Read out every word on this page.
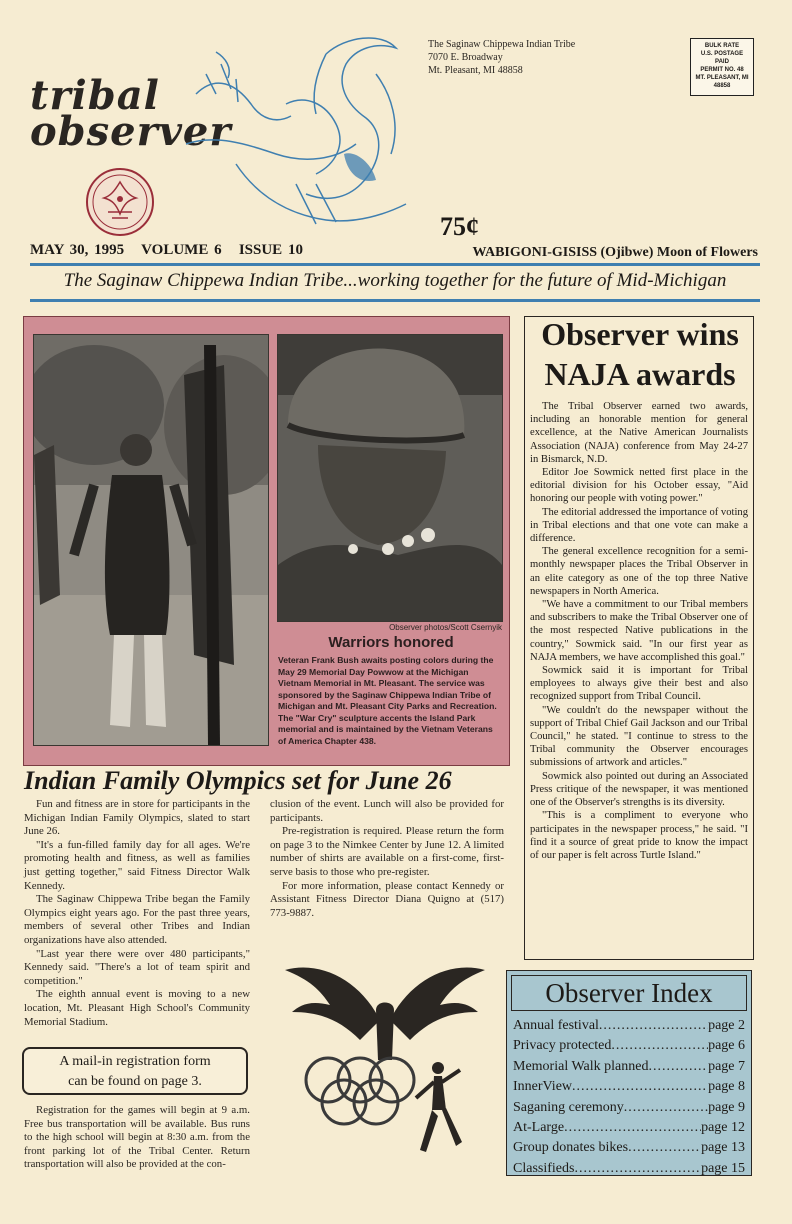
tribal
observer
The Saginaw Chippewa Indian Tribe
7070 E. Broadway
Mt. Pleasant, MI 48858
BULK RATE
U.S. POSTAGE
PAID
PERMIT NO. 48
MT. PLEASANT, MI
48858
75¢
MAY 30, 1995 VOLUME 6 ISSUE 10	WABIGONI-GISISS (Ojibwe) Moon of Flowers
The Saginaw Chippewa Indian Tribe...working together for the future of Mid-Michigan
Observer photos/Scott Csernyik
Warriors honored
Veteran Frank Bush awaits posting colors during the May 29 Memorial Day Powwow at the Michigan Vietnam Memorial in Mt. Pleasant. The service was sponsored by the Saginaw Chippewa Indian Tribe of Michigan and Mt. Pleasant City Parks and Recreation. The "War Cry" sculpture accents the Island Park memorial and is maintained by the Vietnam Veterans of America Chapter 438.
Indian Family Olympics set for June 26

Fun and fitness are in store for participants in the Michigan Indian Family Olympics, slated to start June 26.

"It's a fun-filled family day for all ages. We're promoting health and fitness, as well as families just getting together," said Fitness Director Walk Kennedy.

The Saginaw Chippewa Tribe began the Family Olympics eight years ago. For the past three years, members of several other Tribes and Indian organizations have also attended.

"Last year there were over 480 participants," Kennedy said. "There's a lot of team spirit and competition."

The eighth annual event is moving to a new location, Mt. Pleasant High School's Community Memorial Stadium.

A mail-in registration form
can be found on page 3.

Registration for the games will begin at 9 a.m. Free bus transportation will be available. Bus runs to the high school will begin at 8:30 a.m. from the front parking lot of the Tribal Center. Return transportation will also be provided at the con-

clusion of the event. Lunch will also be provided for participants.

Pre-registration is required. Please return the form on page 3 to the Nimkee Center by June 12. A limited number of shirts are available on a first-come, first-serve basis to those who pre-register.

For more information, please contact Kennedy or Assistant Fitness Director Diana Quigno at (517) 773-9887.

Observer wins
NAJA awards

The Tribal Observer earned two awards, including an honorable mention for general excellence, at the Native American Journalists Association (NAJA) conference from May 24-27 in Bismarck, N.D.

Editor Joe Sowmick netted first place in the editorial division for his October essay, "Aid honoring our people with voting power."

The editorial addressed the importance of voting in Tribal elections and that one vote can make a difference.

The general excellence recognition for a semi-monthly newspaper places the Tribal Observer in an elite category as one of the top three Native newspapers in North America.

"We have a commitment to our Tribal members and subscribers to make the Tribal Observer one of the most respected Native publications in the country," Sowmick said. "In our first year as NAJA members, we have accomplished this goal."

Sowmick said it is important for Tribal employees to always give their best and also recognized support from Tribal Council.

"We couldn't do the newspaper without the support of Tribal Chief Gail Jackson and our Tribal Council," he stated. "I continue to stress to the Tribal community the Observer encourages submissions of artwork and articles."

Sowmick also pointed out during an Associated Press critique of the newspaper, it was mentioned one of the Observer's strengths is its diversity.

"This is a compliment to everyone who participates in the newspaper process," he said. "I find it a source of great pride to know the impact of our paper is felt across Turtle Island."

Observer Index
Annual festival .....	page 2
Privacy protected .....	page 6
Memorial Walk planned .....	page 7
InnerView .....	page 8
Saganing ceremony .....	page 9
At-Large .....	page 12
Group donates bikes .....	page 13
Classifieds .....	page 15
